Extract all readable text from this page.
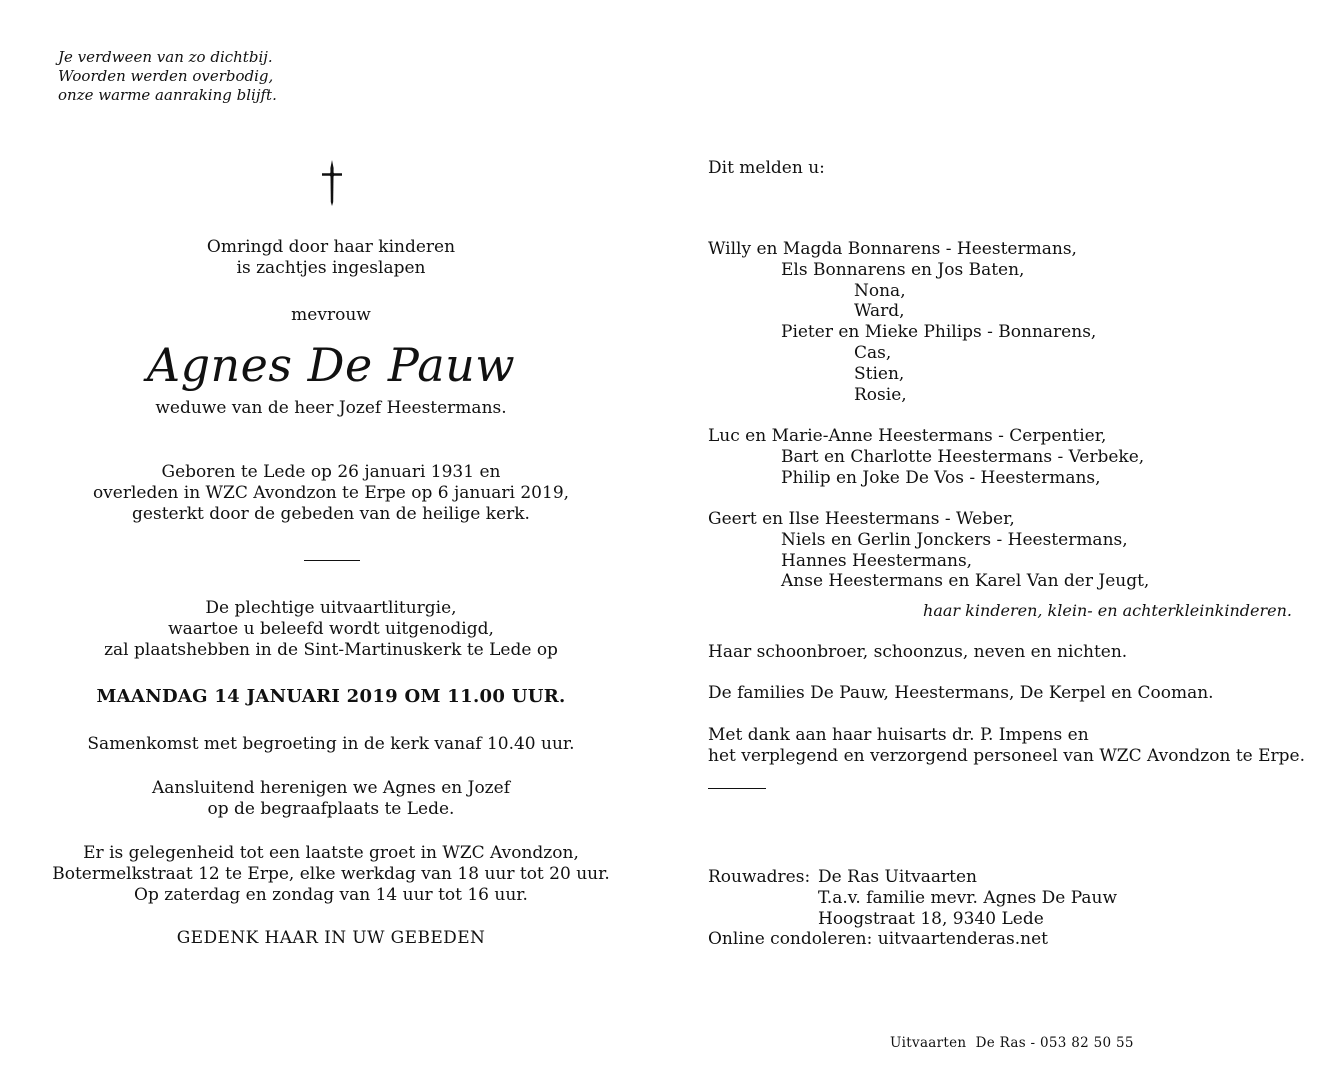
Je verdween van zo dichtbij.
Woorden werden overbodig,
onze warme aanraking blijft.
Omringd door haar kinderen
is zachtjes ingeslapen
mevrouw
Agnes De Pauw
weduwe van de heer Jozef Heestermans.
Geboren te Lede op 26 januari 1931 en
overleden in WZC Avondzon te Erpe op 6 januari 2019,
gesterkt door de gebeden van de heilige kerk.
De plechtige uitvaartliturgie,
waartoe u beleefd wordt uitgenodigd,
zal plaatshebben in de Sint-Martinuskerk te Lede op
MAANDAG 14 JANUARI 2019 OM 11.00 UUR.
Samenkomst met begroeting in de kerk vanaf 10.40 uur.
Aansluitend herenigen we Agnes en Jozef
op de begraafplaats te Lede.
Er is gelegenheid tot een laatste groet in WZC Avondzon,
Botermelkstraat 12 te Erpe, elke werkdag van 18 uur tot 20 uur.
Op zaterdag en zondag van 14 uur tot 16 uur.
GEDENK HAAR IN UW GEBEDEN
Dit melden u:
Willy en Magda Bonnarens - Heestermans,
Els Bonnarens en Jos Baten,
Nona,
Ward,
Pieter en Mieke Philips - Bonnarens,
Cas,
Stien,
Rosie,
Luc en Marie-Anne Heestermans - Cerpentier,
Bart en Charlotte Heestermans - Verbeke,
Philip en Joke De Vos - Heestermans,
Geert en Ilse Heestermans - Weber,
Niels en Gerlin Jonckers - Heestermans,
Hannes Heestermans,
Anse Heestermans en Karel Van der Jeugt,
haar kinderen, klein- en achterkleinkinderen.
Haar schoonbroer, schoonzus, neven en nichten.
De families De Pauw, Heestermans, De Kerpel en Cooman.
Met dank aan haar huisarts dr. P. Impens en
het verplegend en verzorgend personeel van WZC Avondzon te Erpe.
Rouwadres: De Ras Uitvaarten
T.a.v. familie mevr. Agnes De Pauw
Hoogstraat 18, 9340 Lede
Online condoleren: uitvaartenderas.net
Uitvaarten  De Ras - 053 82 50 55
